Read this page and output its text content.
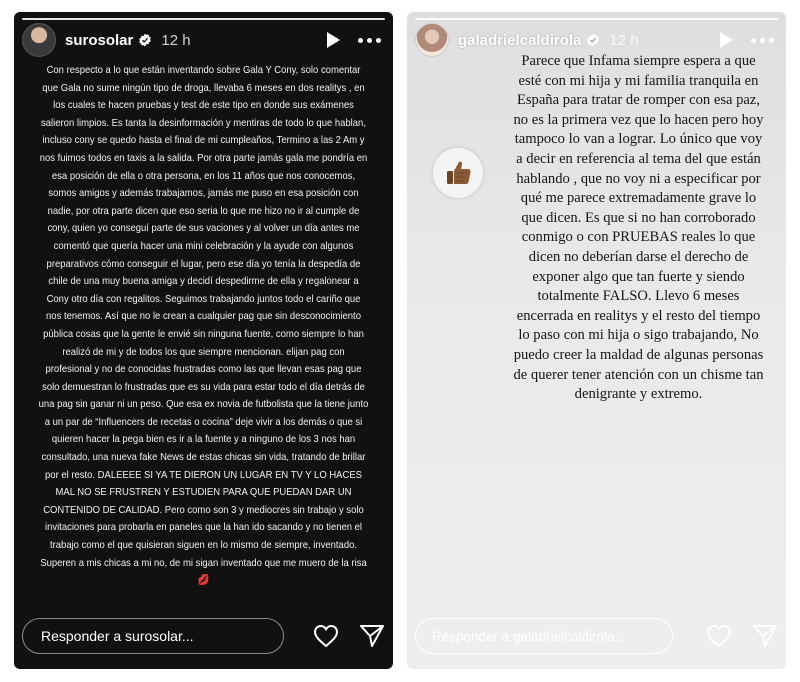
surosolar 12 h
Con respecto a lo que están inventando sobre Gala Y Cony, solo comentar que Gala no sume ningún tipo de droga, llevaba 6 meses en dos realitys , en los cuales te hacen pruebas y test de este tipo en donde sus exámenes salieron limpios. Es tanta la desinformación y mentiras de todo lo que hablan, incluso cony se quedo hasta el final de mi cumpleaños, Termino a las 2 Am y nos fuimos todos en taxis a la salida. Por otra parte jamás gala me pondría en esa posición de ella o otra persona, en los 11 años que nos conocemos, somos amigos y además trabajamos, jamás me puso en esa posición con nadie, por otra parte dicen que eso seria lo que me hizo no ir al cumple de cony, quien yo conseguí parte de sus vaciones y al volver un día antes me comentó que quería hacer una mini celebración y la ayude con algunos preparativos cómo conseguir el lugar, pero ese día yo tenía la despedía de chile de una muy buena amiga y decidí despedirme de ella y regalonear a Cony otro día con regalitos. Seguimos trabajando juntos todo el cariño que nos tenemos. Así que no le crean a cualquier pag que sin desconocimiento pública cosas que la gente le envié sin ninguna fuente, como siempre lo han realizó de mi y de todos los que siempre mencionan. elijan pag con profesional y no de conocidas frustradas como las que llevan esas pag que solo demuestran lo frustradas que es su vida para estar todo el día detrás de una pag sin ganar ni un peso. Que esa ex novia de futbolista que la tiene junto a un par de “Influencers de recetas o cocina” deje vivir a los demás o que si quieren hacer la pega bien es ir a la fuente y a ninguno de los 3 nos han consultado, una nueva fake News de estas chicas sin vida, tratando de brillar por el resto. DALEEEE SI YA TE DIERON UN LUGAR EN TV Y LO HACES MAL NO SE FRUSTREN Y ESTUDIEN PARA QUE PUEDAN DAR UN CONTENIDO DE CALIDAD. Pero como son 3 y mediocres sin trabajo y solo invitaciones para probarla en paneles que la han ido sacando y no tienen el trabajo como el que quisieran siguen en lo mismo de siempre, inventado. Superen a mis chicas a mi no, de mi sigan inventado que me muero de la risa 💋
Responder a surosolar...
galadrielcaldirola 12 h
Parece que Infama siempre espera a que esté con mi hija y mi familia tranquila en España para tratar de romper con esa paz, no es la primera vez que lo hacen pero hoy tampoco lo van a lograr. Lo único que voy a decir en referencia al tema del que están hablando , que no voy ni a especificar por qué me parece extremadamente grave lo que dicen. Es que si no han corroborado conmigo o con PRUEBAS reales lo que dicen no deberían darse el derecho de exponer algo que tan fuerte y siendo totalmente FALSO. Llevo 6 meses encerrada en realitys y el resto del tiempo lo paso con mi hija o sigo trabajando, No puedo creer la maldad de algunas personas de querer tener atención con un chisme tan denigrante y extremo.
Responder a galadrielcaldirola...
